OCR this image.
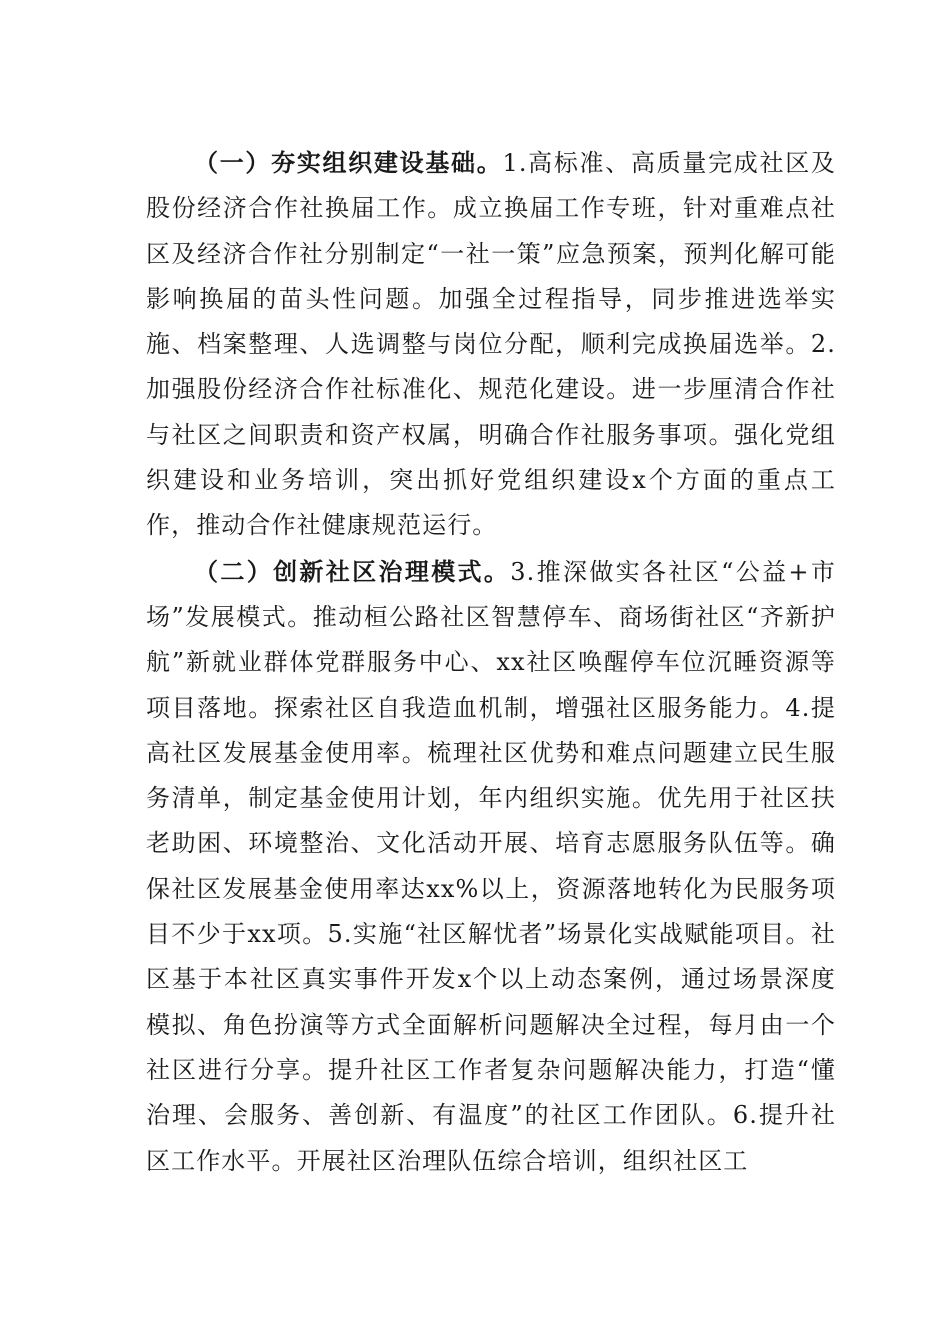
（一）夯实组织建设基础。1.高标准、高质量完成社区及股份经济合作社换届工作。成立换届工作专班，针对重难点社区及经济合作社分别制定“一社一策”应急预案，预判化解可能影响换届的苗头性问题。加强全过程指导，同步推进选举实施、档案整理、人选调整与岗位分配，顺利完成换届选举。2.加强股份经济合作社标准化、规范化建设。进一步厘清合作社与社区之间职责和资产权属，明确合作社服务事项。强化党组织建设和业务培训，突出抓好党组织建设x个方面的重点工作，推动合作社健康规范运行。

（二）创新社区治理模式。3.推深做实各社区“公益+市场”发展模式。推动桓公路社区智慧停车、商场街社区“齐新护航”新就业群体党群服务中心、xx社区唤醒停车位沉睡资源等项目落地。探索社区自我造血机制，增强社区服务能力。4.提高社区发展基金使用率。梳理社区优势和难点问题建立民生服务清单，制定基金使用计划，年内组织实施。优先用于社区扶老助困、环境整治、文化活动开展、培育志愿服务队伍等。确保社区发展基金使用率达xx%以上，资源落地转化为民服务项目不少于xx项。5.实施“社区解忧者”场景化实战赋能项目。社区基于本社区真实事件开发x个以上动态案例，通过场景深度模拟、角色扮演等方式全面解析问题解决全过程，每月由一个社区进行分享。提升社区工作者复杂问题解决能力，打造“懂治理、会服务、善创新、有温度”的社区工作团队。6.提升社区工作水平。开展社区治理队伍综合培训，组织社区工
